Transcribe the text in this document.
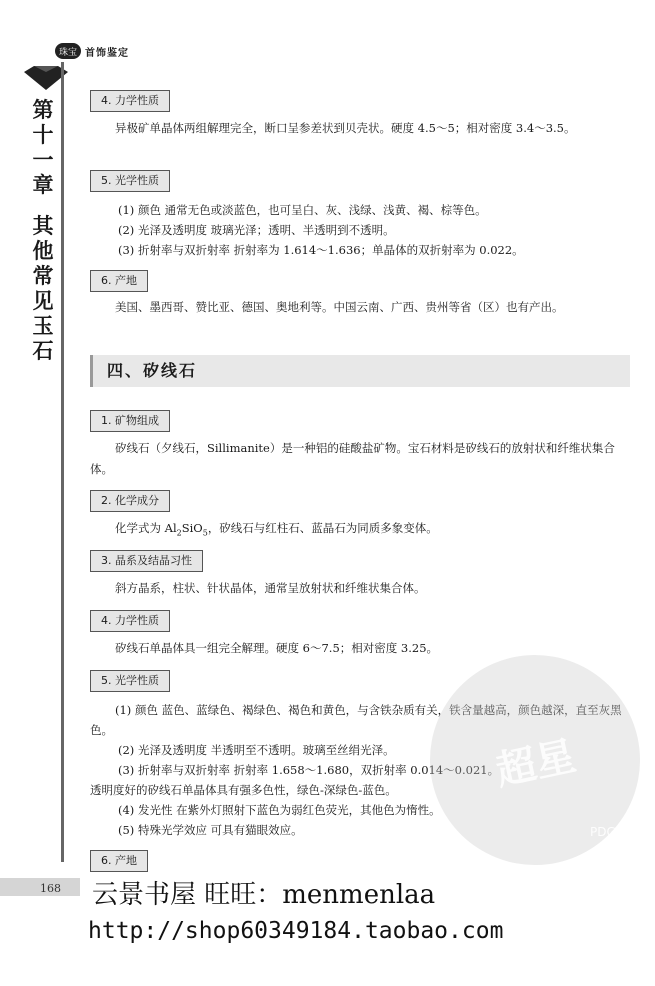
珠宝 首饰鉴定
第
十
一
章
其
他
常
见
玉
石
4. 力学性质
异极矿单晶体两组解理完全，断口呈参差状到贝壳状。硬度 4.5～5；相对密度 3.4～3.5。
5. 光学性质
(1) 颜色 通常无色或淡蓝色，也可呈白、灰、浅绿、浅黄、褐、棕等色。
(2) 光泽及透明度 玻璃光泽；透明、半透明到不透明。
(3) 折射率与双折射率 折射率为 1.614～1.636；单晶体的双折射率为 0.022。
6. 产地
美国、墨西哥、赞比亚、德国、奥地利等。中国云南、广西、贵州等省（区）也有产出。
四、矽线石
1. 矿物组成
矽线石（夕线石，Sillimanite）是一种铝的硅酸盐矿物。宝石材料是矽线石的放射状和纤维状集合体。
2. 化学成分
化学式为 $Al_2SiO_5$，矽线石与红柱石、蓝晶石为同质多象变体。
3. 晶系及结晶习性
斜方晶系，柱状、针状晶体，通常呈放射状和纤维状集合体。
4. 力学性质
矽线石单晶体具一组完全解理。硬度 6～7.5；相对密度 3.25。
5. 光学性质
(1) 颜色 蓝色、蓝绿色、褐绿色、褐色和黄色，与含铁杂质有关，铁含量越高，颜色越深，直至灰黑色。
(2) 光泽及透明度 半透明至不透明。玻璃至丝绢光泽。
(3) 折射率与双折射率 折射率 1.658～1.680，双折射率 0.014～0.021。
透明度好的矽线石单晶体具有强多色性，绿色-深绿色-蓝色。
(4) 发光性 在紫外灯照射下蓝色为弱红色荧光，其他色为惰性。
(5) 特殊光学效应 可具有猫眼效应。
6. 产地
超星
PDG
168 云景书屋 旺旺：menmenlaa
http://shop60349184.taobao.com
